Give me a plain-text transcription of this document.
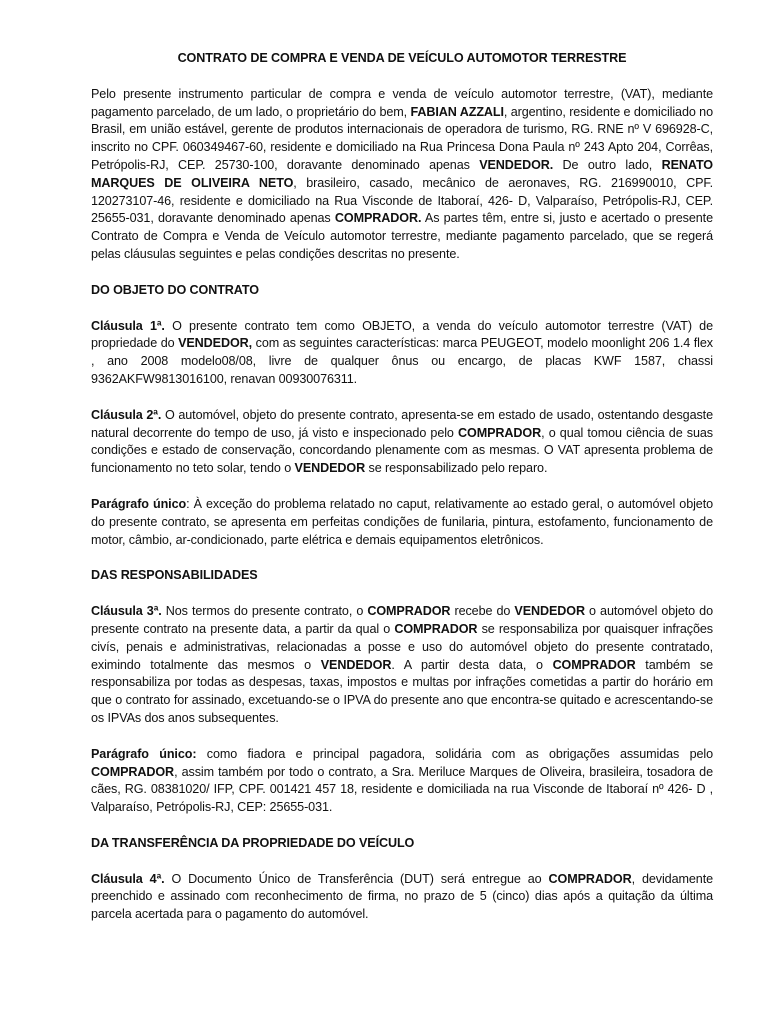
CONTRATO DE COMPRA E VENDA DE VEÍCULO AUTOMOTOR TERRESTRE

Pelo presente instrumento particular de compra e venda de veículo automotor terrestre, (VAT), mediante pagamento parcelado, de um lado, o proprietário do bem, FABIAN AZZALI, argentino, residente e domiciliado no Brasil, em união estável, gerente de produtos internacionais de operadora de turismo, RG. RNE nº V 696928-C, inscrito no CPF. 060349467-60, residente e domiciliado na Rua Princesa Dona Paula nº 243 Apto 204, Corrêas, Petrópolis-RJ, CEP. 25730-100, doravante denominado apenas VENDEDOR. De outro lado, RENATO MARQUES DE OLIVEIRA NETO, brasileiro, casado, mecânico de aeronaves, RG. 216990010, CPF. 120273107-46, residente e domiciliado na Rua Visconde de Itaboraí, 426- D, Valparaíso, Petrópolis-RJ, CEP. 25655-031, doravante denominado apenas COMPRADOR. As partes têm, entre si, justo e acertado o presente Contrato de Compra e Venda de Veículo automotor terrestre, mediante pagamento parcelado, que se regerá pelas cláusulas seguintes e pelas condições descritas no presente.

DO OBJETO DO CONTRATO

Cláusula 1ª. O presente contrato tem como OBJETO, a venda do veículo automotor terrestre (VAT) de propriedade do VENDEDOR, com as seguintes características: marca PEUGEOT, modelo moonlight 206 1.4 flex , ano 2008 modelo08/08, livre de qualquer ônus ou encargo, de placas KWF 1587, chassi 9362AKFW9813016100, renavan 00930076311.

Cláusula 2ª. O automóvel, objeto do presente contrato, apresenta-se em estado de usado, ostentando desgaste natural decorrente do tempo de uso, já visto e inspecionado pelo COMPRADOR, o qual tomou ciência de suas condições e estado de conservação, concordando plenamente com as mesmas. O VAT apresenta problema de funcionamento no teto solar, tendo o VENDEDOR se responsabilizado pelo reparo.

Parágrafo único: À exceção do problema relatado no caput, relativamente ao estado geral, o automóvel objeto do presente contrato, se apresenta em perfeitas condições de funilaria, pintura, estofamento, funcionamento de motor, câmbio, ar-condicionado, parte elétrica e demais equipamentos eletrônicos.

DAS RESPONSABILIDADES

Cláusula 3ª. Nos termos do presente contrato, o COMPRADOR recebe do VENDEDOR o automóvel objeto do presente contrato na presente data, a partir da qual o COMPRADOR se responsabiliza por quaisquer infrações civís, penais e administrativas, relacionadas a posse e uso do automóvel objeto do presente contratado, eximindo totalmente das mesmos o VENDEDOR. A partir desta data, o COMPRADOR também se responsabiliza por todas as despesas, taxas, impostos e multas por infrações cometidas a partir do horário em que o contrato for assinado, excetuando-se o IPVA do presente ano que encontra-se quitado e acrescentando-se os IPVAs dos anos subsequentes.

Parágrafo único: como fiadora e principal pagadora, solidária com as obrigações assumidas pelo COMPRADOR, assim também por todo o contrato, a Sra. Meriluce Marques de Oliveira, brasileira, tosadora de cães, RG. 08381020/ IFP, CPF. 001421 457 18, residente e domiciliada na rua Visconde de Itaboraí nº 426- D , Valparaíso, Petrópolis-RJ, CEP: 25655-031.

DA TRANSFERÊNCIA DA PROPRIEDADE DO VEÍCULO

Cláusula 4ª. O Documento Único de Transferência (DUT) será entregue ao COMPRADOR, devidamente preenchido e assinado com reconhecimento de firma, no prazo de 5 (cinco) dias após a quitação da última parcela acertada para o pagamento do automóvel.
